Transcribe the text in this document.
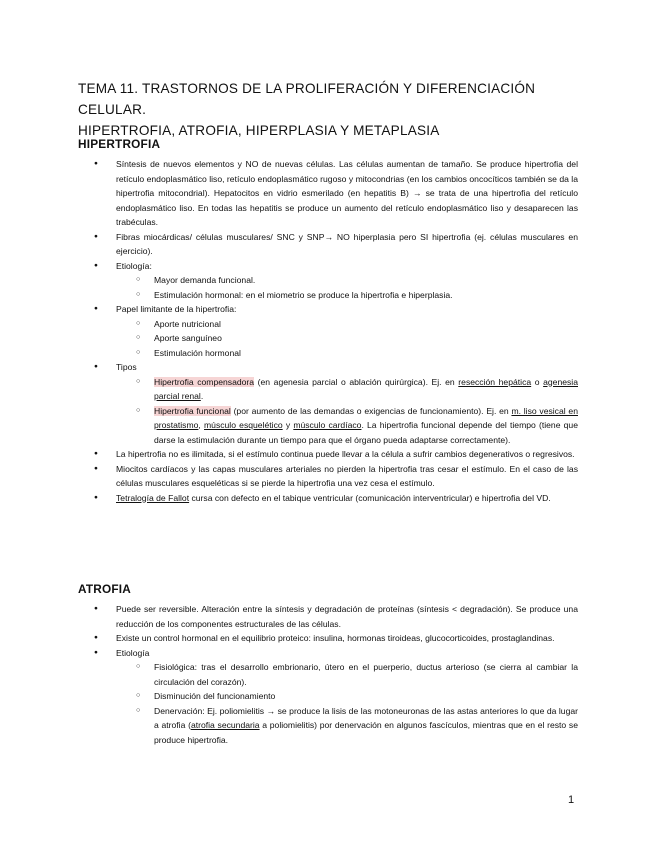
TEMA 11. TRASTORNOS DE LA PROLIFERACIÓN Y DIFERENCIACIÓN CELULAR.
HIPERTROFIA, ATROFIA, HIPERPLASIA Y METAPLASIA
HIPERTROFIA
● Síntesis de nuevos elementos y NO de nuevas células. Las células aumentan de tamaño. Se produce hipertrofia del retículo endoplasmático liso, retículo endoplasmático rugoso y mitocondrias (en los cambios oncocíticos también se da la hipertrofia mitocondrial). Hepatocitos en vidrio esmerilado (en hepatitis B) → se trata de una hipertrofia del retículo endoplasmático liso. En todas las hepatitis se produce un aumento del retículo endoplasmático liso y desaparecen las trabéculas.
● Fibras miocárdicas/ células musculares/ SNC y SNP→ NO hiperplasia pero SI hipertrofia (ej. células musculares en ejercicio).
● Etiología:
○ Mayor demanda funcional.
○ Estimulación hormonal: en el miometrio se produce la hipertrofia e hiperplasia.
● Papel limitante de la hipertrofia:
○ Aporte nutricional
○ Aporte sanguíneo
○ Estimulación hormonal
● Tipos
○ Hipertrofia compensadora (en agenesia parcial o ablación quirúrgica). Ej. en resección hepática o agenesia parcial renal.
○ Hipertrofia funcional (por aumento de las demandas o exigencias de funcionamiento). Ej. en m. liso vesical en prostatismo, músculo esquelético y músculo cardíaco. La hipertrofia funcional depende del tiempo (tiene que darse la estimulación durante un tiempo para que el órgano pueda adaptarse correctamente).
● La hipertrofia no es ilimitada, si el estímulo continua puede llevar a la célula a sufrir cambios degenerativos o regresivos.
● Miocitos cardíacos y las capas musculares arteriales no pierden la hipertrofia tras cesar el estímulo. En el caso de las células musculares esqueléticas si se pierde la hipertrofia una vez cesa el estímulo.
● Tetralogía de Fallot cursa con defecto en el tabique ventricular (comunicación interventricular) e hipertrofia del VD.
ATROFIA
● Puede ser reversible. Alteración entre la síntesis y degradación de proteínas (síntesis < degradación). Se produce una reducción de los componentes estructurales de las células.
● Existe un control hormonal en el equilibrio proteico: insulina, hormonas tiroideas, glucocorticoides, prostaglandinas.
● Etiología
○ Fisiológica: tras el desarrollo embrionario, útero en el puerperio, ductus arterioso (se cierra al cambiar la circulación del corazón).
○ Disminución del funcionamiento
○ Denervación: Ej. poliomielitis → se produce la lisis de las motoneuronas de las astas anteriores lo que da lugar a atrofia (atrofia secundaria a poliomielitis) por denervación en algunos fascículos, mientras que en el resto se produce hipertrofia.
1
